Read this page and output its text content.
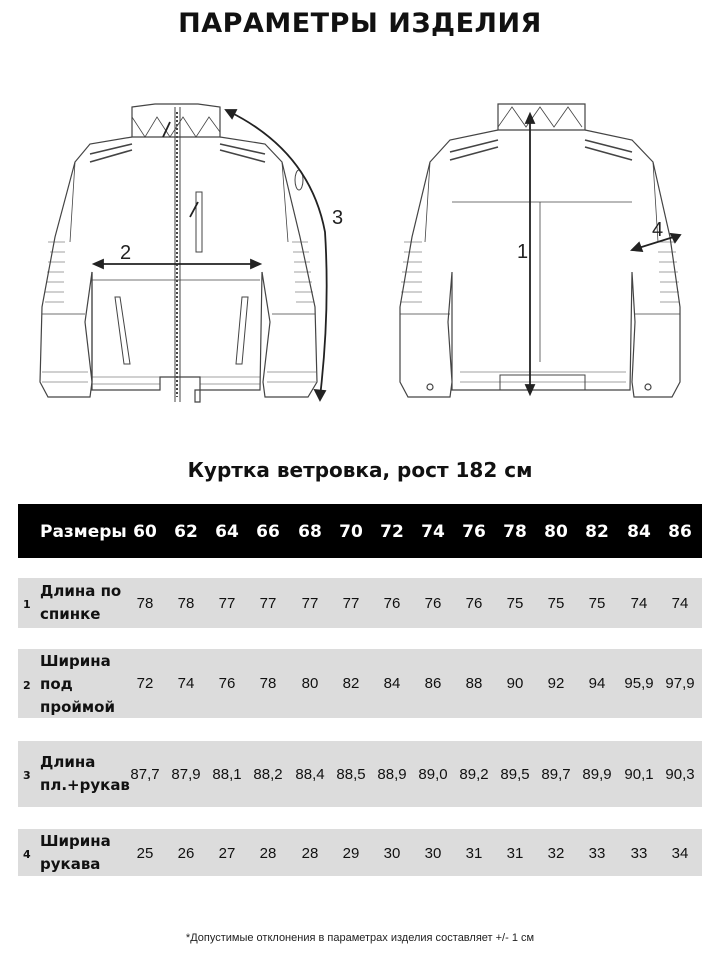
ПАРАМЕТРЫ ИЗДЕЛИЯ
2
3
1
4
Куртка ветровка, рост 182 см
Размеры 60	62	64	66	68	70	72	74	76	78	80	82	84	86
1
Длина по
спинке
78	78	77	77	77	77	76	76	76	75	75	75	74	74
2
Ширина
под
проймой
72	74	76	78	80	82	84	86	88	90	92	94	95,9 97,9
3
Длина
пл.+рукав
87,7 87,9 88,1 88,2 88,4 88,5 88,9 89,0 89,2 89,5 89,7 89,9 90,1 90,3
4
Ширина
рукава
25	26	27	28	28	29	30	30	31	31	32	33	33	34
*Допустимые отклонения в параметрах изделия составляет +/- 1 см
